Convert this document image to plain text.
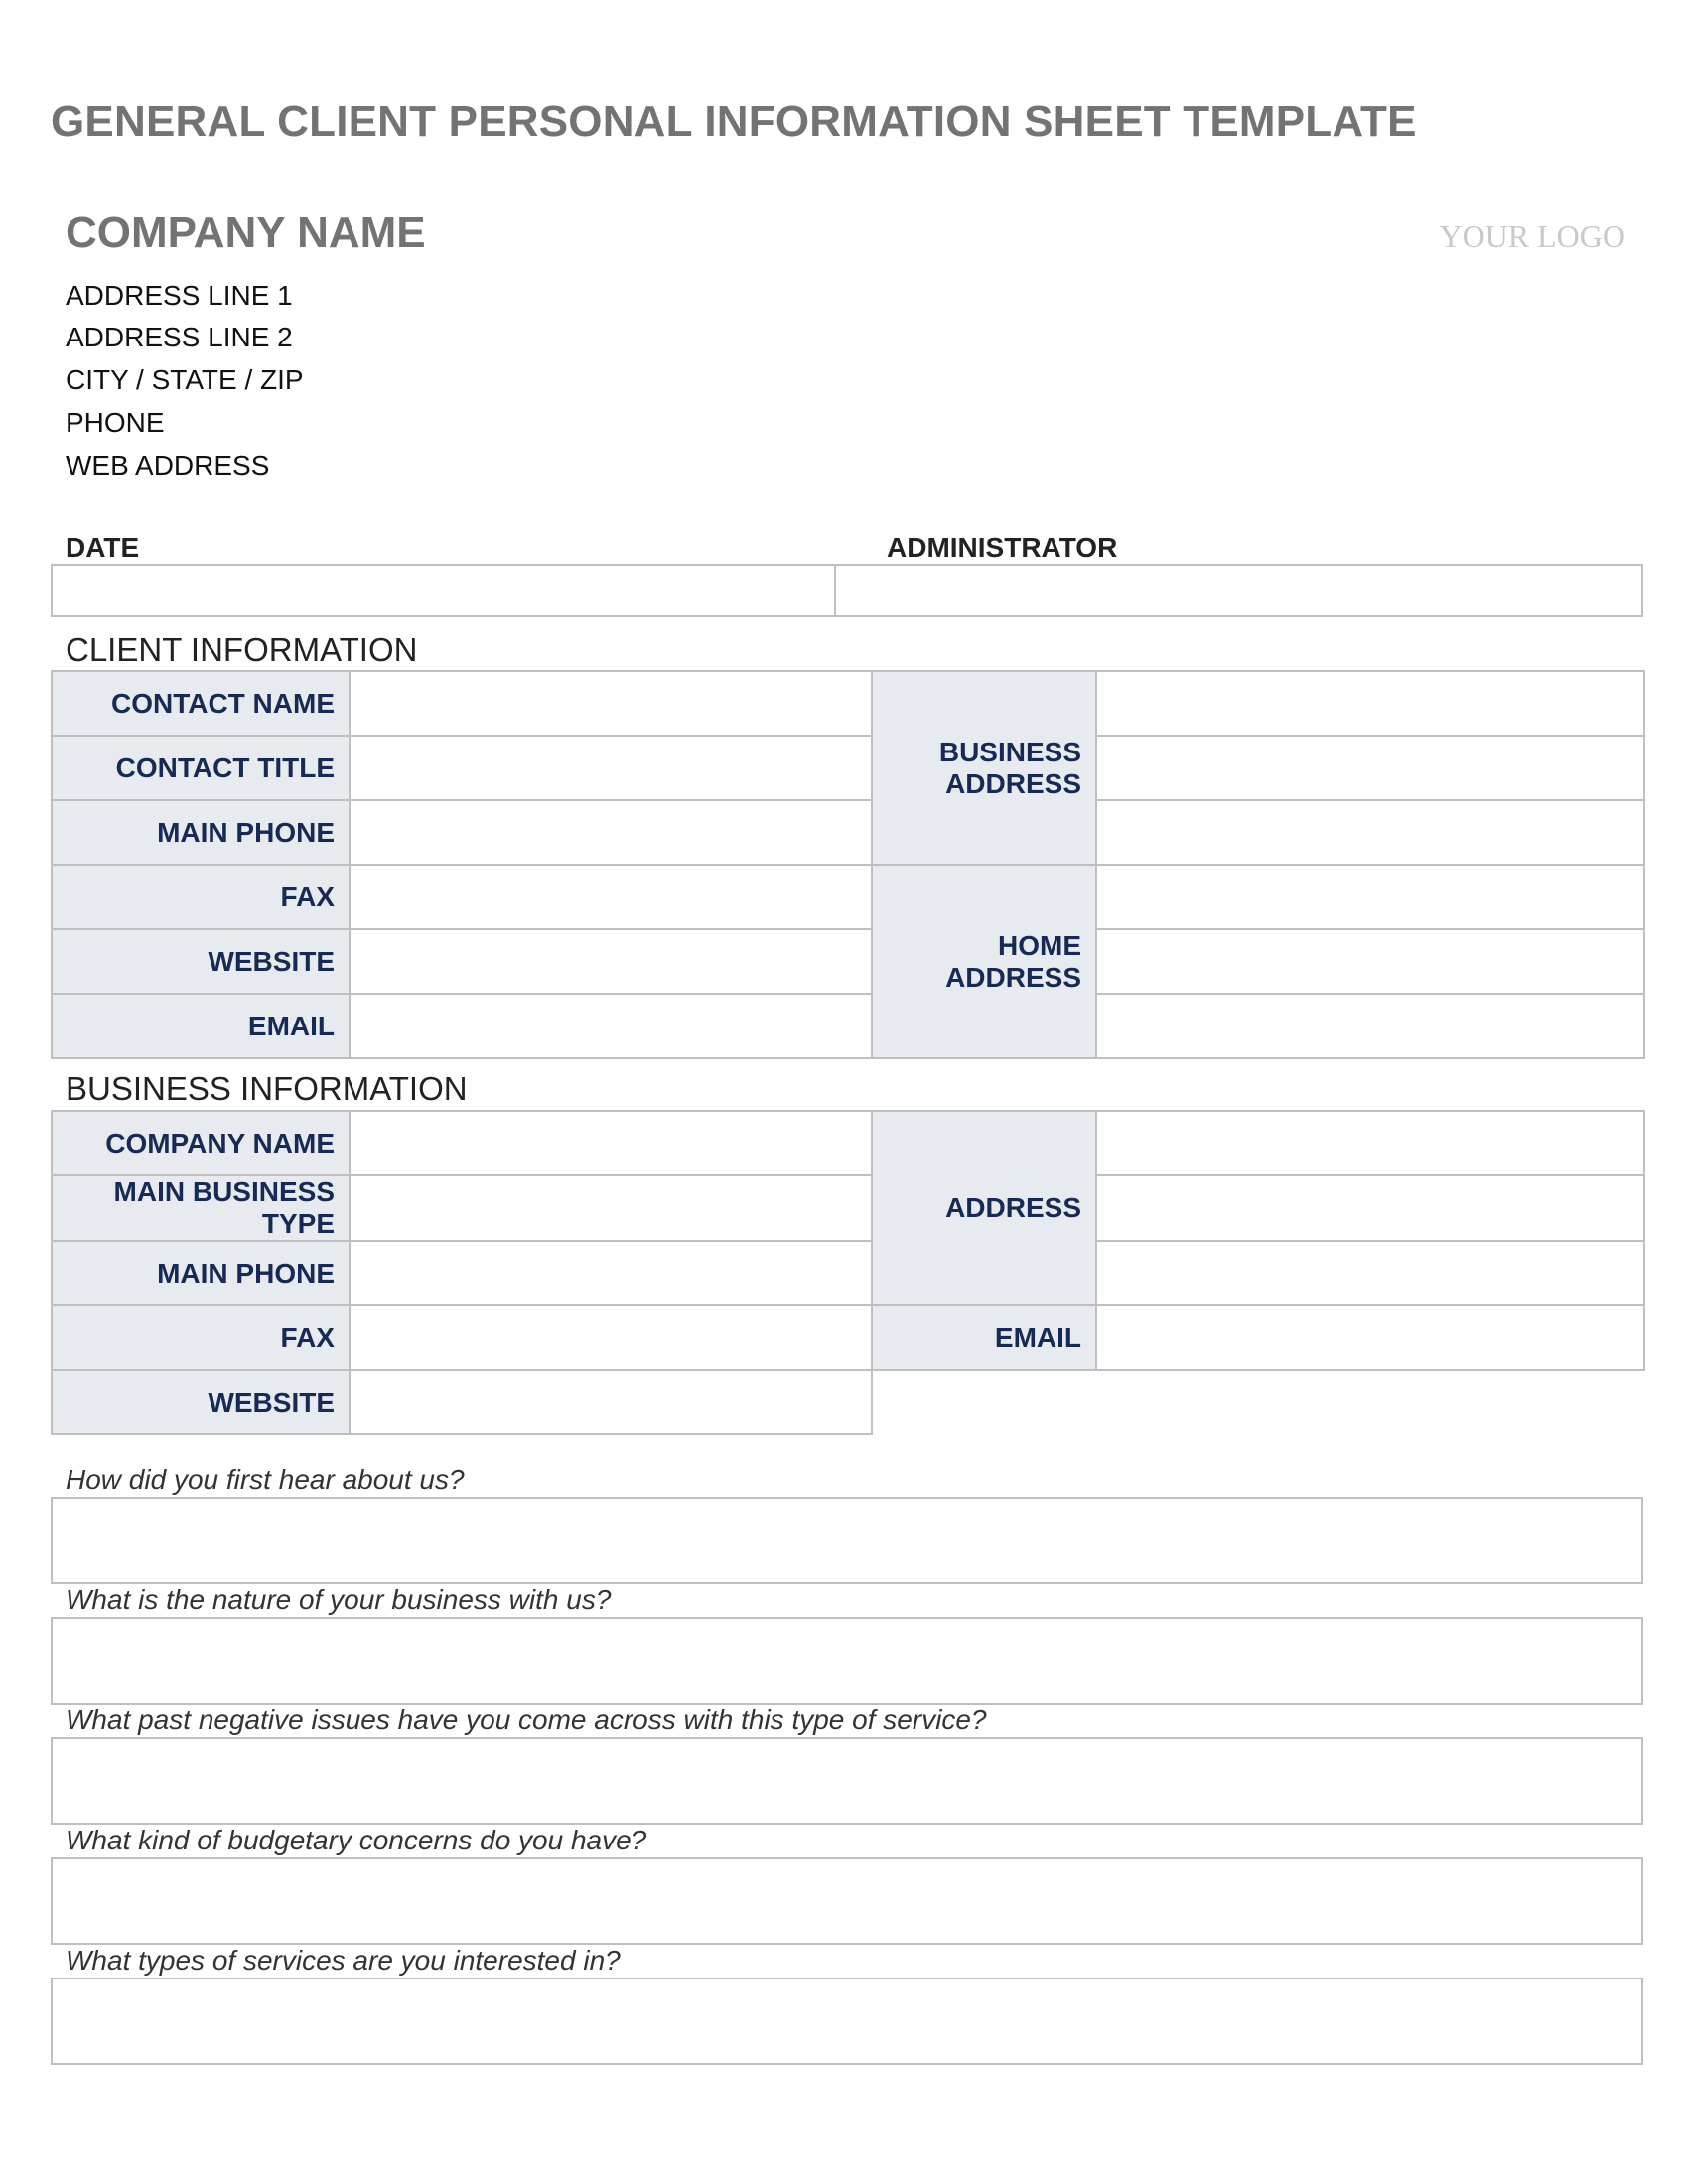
GENERAL CLIENT PERSONAL INFORMATION SHEET TEMPLATE
COMPANY NAME	YOUR LOGO
ADDRESS LINE 1
ADDRESS LINE 2
CITY / STATE / ZIP
PHONE
WEB ADDRESS
DATE	ADMINISTRATOR
CLIENT INFORMATION
CONTACT NAME		BUSINESS ADDRESS	
CONTACT TITLE			
MAIN PHONE			
FAX		HOME ADDRESS	
WEBSITE			
EMAIL			
BUSINESS INFORMATION
COMPANY NAME		ADDRESS	
MAIN BUSINESS TYPE			
MAIN PHONE			
FAX		EMAIL	
WEBSITE			
How did you first hear about us?
What is the nature of your business with us?
What past negative issues have you come across with this type of service?
What kind of budgetary concerns do you have?
What types of services are you interested in?
